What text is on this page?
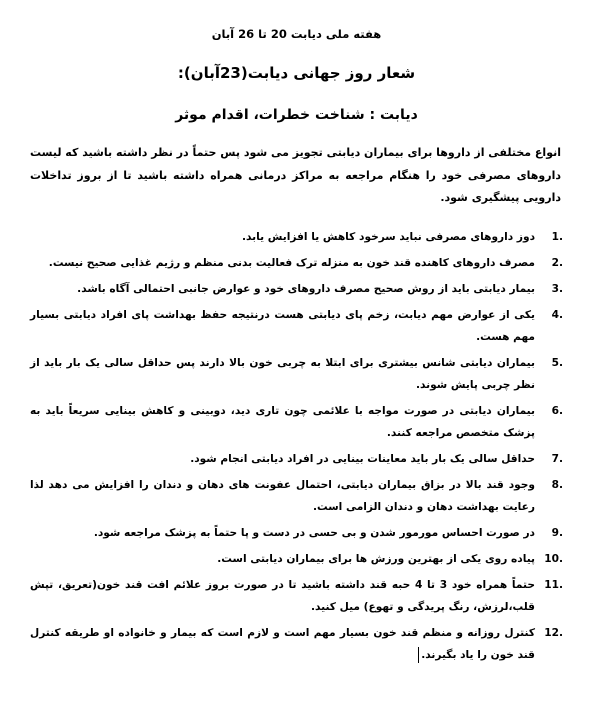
هفته ملی دیابت 20 تا 26 آبان
شعار روز جهانی دیابت(23آبان):
دیابت : شناخت خطرات، اقدام موثر

انواع مختلفی از داروها برای بیماران دیابتی تجویز می شود پس حتماً در نظر داشته باشید که لیست داروهای مصرفی خود را هنگام مراجعه به مراکز درمانی همراه داشته باشید تا از بروز تداخلات دارویی پیشگیری شود.

1.
دوز داروهای مصرفی نباید سرخود کاهش یا افزایش یابد.
2.
مصرف داروهای کاهنده قند خون به منزله ترک فعالیت بدنی منظم و رژیم غذایی صحیح نیست.
3.
بیمار دیابتی باید از روش صحیح مصرف داروهای خود و عوارض جانبی احتمالی آگاه باشد.
4.
یکی از عوارض مهم دیابت، زخم پای دیابتی هست درنتیجه حفظ بهداشت پای افراد دیابتی بسیار مهم هست.
5.
بیماران دیابتی شانس بیشتری برای ابتلا به چربی خون بالا دارند پس حداقل سالی یک بار باید از نظر چربی پایش شوند.
6.
بیماران دیابتی در صورت مواجه با علائمی چون تاری دید، دوبینی و کاهش بینایی سریعاً باید به پزشک متخصص مراجعه کنند.
7.
حداقل سالی یک بار باید معاینات بینایی در افراد دیابتی انجام شود.
8.
وجود قند بالا در بزاق بیماران دیابتی، احتمال عفونت های دهان و دندان را افزایش می دهد لذا رعایت بهداشت دهان و دندان الزامی است.
9.
در صورت احساس مورمور شدن و بی حسی در دست و پا حتماً به پزشک مراجعه شود.
10.
پیاده روی یکی از بهترین ورزش ها برای بیماران دیابتی است.
11.
حتماً همراه خود 3 تا 4 حبه قند داشته باشید تا در صورت بروز علائم افت قند خون(تعریق، تپش قلب،لرزش، رنگ پریدگی و تهوع) میل کنید.
12.
کنترل روزانه و منظم قند خون بسیار مهم است و لازم است که بیمار و خانواده او طریقه کنترل قند خون را یاد بگیرند.
